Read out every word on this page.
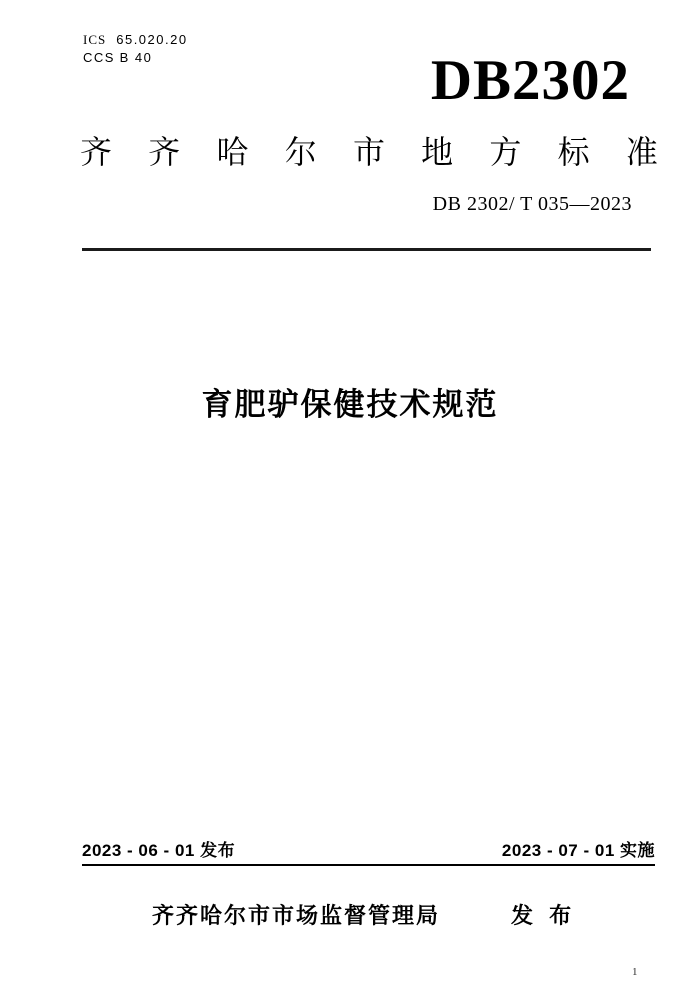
ICS 65.020.20
CCS B 40	DB2302
齐 齐 哈 尔 市 地 方 标 准
DB 2302/ T 035—2023
育肥驴保健技术规范
2023 - 06 - 01 发布	2023 - 07 - 01 实施
齐齐哈尔市市场监督管理局	发 布
1
